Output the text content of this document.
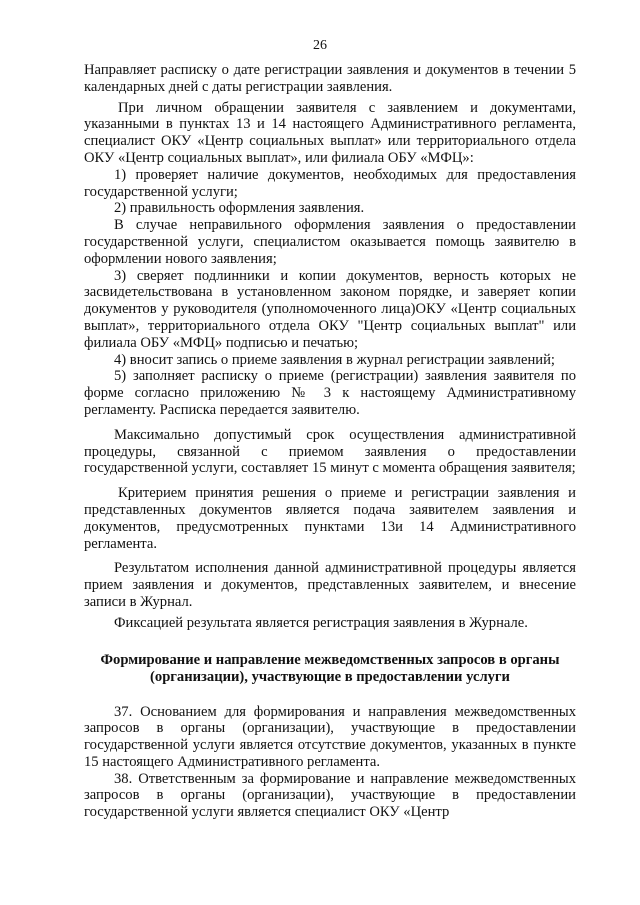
26

Направляет расписку о дате регистрации заявления и документов в течении 5 календарных дней с даты регистрации заявления.

При личном обращении заявителя с заявлением и документами, указанными в пунктах 13 и 14 настоящего Административного регламента, специалист ОКУ «Центр социальных выплат» или территориального отдела ОКУ «Центр социальных выплат», или филиала ОБУ «МФЦ»:

1) проверяет наличие документов, необходимых для предоставления государственной услуги;

2) правильность оформления заявления.

В случае неправильного оформления заявления о предоставлении государственной услуги, специалистом оказывается помощь заявителю в оформлении нового заявления;

3) сверяет подлинники и копии документов, верность которых не засвидетельствована в установленном законом порядке, и заверяет копии документов у руководителя (уполномоченного лица)ОКУ «Центр социальных выплат», территориального отдела ОКУ "Центр социальных выплат" или филиала ОБУ «МФЦ» подписью и печатью;

4) вносит запись о приеме заявления в журнал регистрации заявлений;

5) заполняет расписку о приеме (регистрации) заявления заявителя по форме согласно приложению № 3 к настоящему Административному регламенту. Расписка передается заявителю.

Максимально допустимый срок осуществления административной процедуры, связанной с приемом заявления о предоставлении государственной услуги, составляет 15 минут с момента обращения заявителя;

Критерием принятия решения о приеме и регистрации заявления и представленных документов является подача заявителем заявления и документов, предусмотренных пунктами 13и 14 Административного регламента.

Результатом исполнения данной административной процедуры является прием заявления и документов, представленных заявителем, и внесение записи в Журнал.

Фиксацией результата является регистрация заявления в Журнале.

Формирование и направление межведомственных запросов в органы (организации), участвующие в предоставлении услуги

37. Основанием для формирования и направления межведомственных запросов в органы (организации), участвующие в предоставлении государственной услуги является отсутствие документов, указанных в пункте 15 настоящего Административного регламента.

38. Ответственным за формирование и направление межведомственных запросов в органы (организации), участвующие в предоставлении государственной услуги является специалист ОКУ «Центр
